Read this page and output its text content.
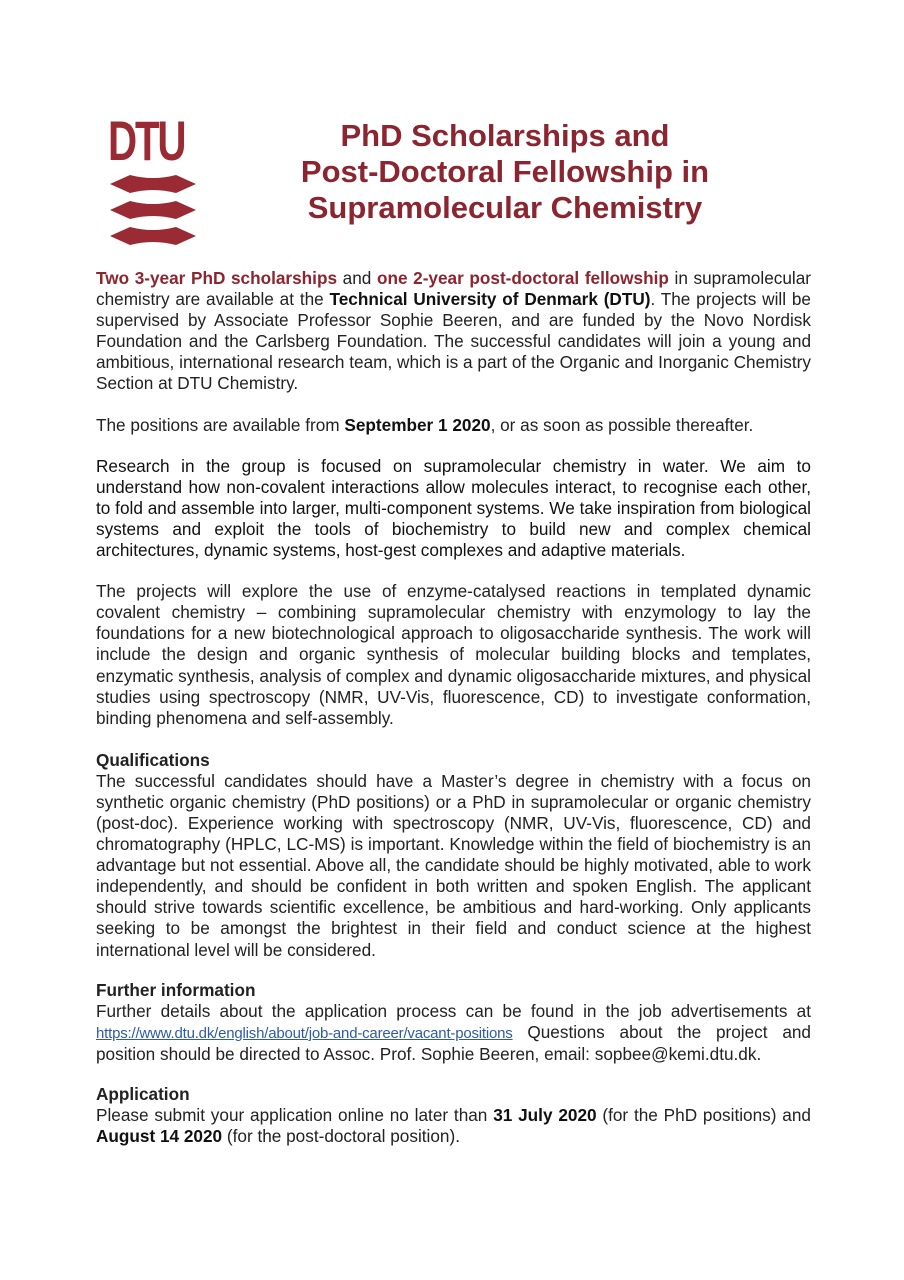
DTU	PhD Scholarships and
Post-Doctoral Fellowship in
Supramolecular Chemistry

Two 3-year PhD scholarships and one 2-year post-doctoral fellowship in supramolecular chemistry are available at the Technical University of Denmark (DTU). The projects will be supervised by Associate Professor Sophie Beeren, and are funded by the Novo Nordisk Foundation and the Carlsberg Foundation. The successful candidates will join a young and ambitious, international research team, which is a part of the Organic and Inorganic Chemistry Section at DTU Chemistry.

The positions are available from September 1 2020, or as soon as possible thereafter.

Research in the group is focused on supramolecular chemistry in water. We aim to understand how non-covalent interactions allow molecules interact, to recognise each other, to fold and assemble into larger, multi-component systems. We take inspiration from biological systems and exploit the tools of biochemistry to build new and complex chemical architectures, dynamic systems, host-gest complexes and adaptive materials.

The projects will explore the use of enzyme-catalysed reactions in templated dynamic covalent chemistry – combining supramolecular chemistry with enzymology to lay the foundations for a new biotechnological approach to oligosaccharide synthesis. The work will include the design and organic synthesis of molecular building blocks and templates, enzymatic synthesis, analysis of complex and dynamic oligosaccharide mixtures, and physical studies using spectroscopy (NMR, UV-Vis, fluorescence, CD) to investigate conformation, binding phenomena and self-assembly.

Qualifications

The successful candidates should have a Master’s degree in chemistry with a focus on synthetic organic chemistry (PhD positions) or a PhD in supramolecular or organic chemistry (post-doc). Experience working with spectroscopy (NMR, UV-Vis, fluorescence, CD) and chromatography (HPLC, LC-MS) is important. Knowledge within the field of biochemistry is an advantage but not essential. Above all, the candidate should be highly motivated, able to work independently, and should be confident in both written and spoken English. The applicant should strive towards scientific excellence, be ambitious and hard-working. Only applicants seeking to be amongst the brightest in their field and conduct science at the highest international level will be considered.

Further information

Further details about the application process can be found in the job advertisements at https://www.dtu.dk/english/about/job-and-career/vacant-positions Questions about the project and position should be directed to Assoc. Prof. Sophie Beeren, email: sopbee@kemi.dtu.dk.

Application

Please submit your application online no later than 31 July 2020 (for the PhD positions) and August 14 2020 (for the post-doctoral position).
